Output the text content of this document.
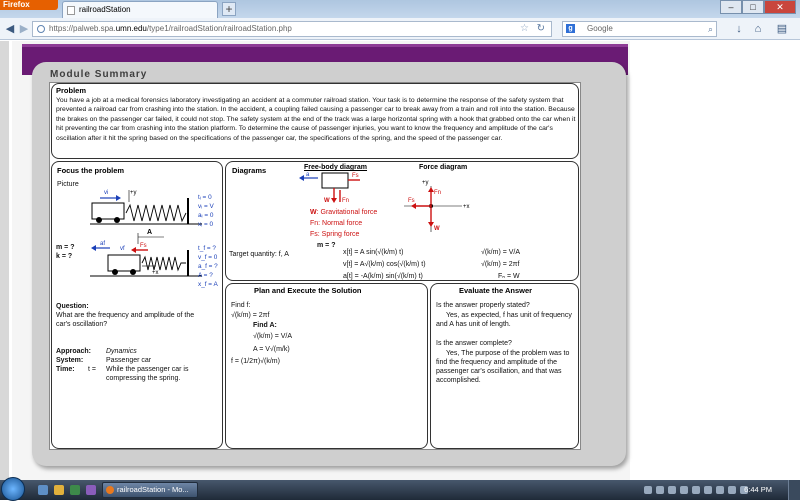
Firefox
railroadStation	+	–	□	✕
◀ ▶	https://palweb.spa.umn.edu/type1/railroadStation/railroadStation.php	☆ ↻	g Google	⌕ ↓ ⌂	▤
Module Summary
Problem
You have a job at a medical forensics laboratory investigating an accident at a commuter railroad station. Your task is to determine the response of the safety system that prevented a railroad car from crashing into the station. In the accident, a coupling failed causing a passenger car to break away from a train and roll into the station. Because the brakes on the passenger car failed, it could not stop. The safety system at the end of the track was a large horizontal spring with a hook that grabbed onto the car when it hit preventing the car from crashing into the station platform. To determine the cause of passenger injuries, you want to know the frequency and amplitude of the car's oscillation after it hit the spring based on the specifications of the passenger car, the specifications of the spring, and the speed of the passenger car.
Focus the problem
Picture
vi	+y
tᵢ = 0
vᵢ = V
aᵢ = 0
xᵢ = 0
A
af
vf	Fs
+x
t_f = ?
v_f = 0
a_f = ?
A = ?
x_f = A
m = ?
k = ?
Question:
What are the frequency and amplitude of the car's oscillation?
Approach: Dynamics
System:	Passenger car
Time: t = While the passenger car is compressing the spring.
Diagrams	Free-body diagram	Force diagram
a
W Fn
Fs
+y
+x
Fn
W
Fs
W: Gravitational force
Fn: Normal force
Fs: Spring force
m = ?
Target quantity: f, A	x[t] = A sin(√(k/m) t)
v[t] = A√(k/m) cos(√(k/m) t)
a[t] = -A(k/m) sin(√(k/m) t)
√(k/m) = V/A
√(k/m) = 2πf
Fₙ = W
Plan and Execute the Solution
Find f:
√(k/m) = 2πf
Find A:
√(k/m) = V/A
A = V√(m/k)
f = (1/2π)√(k/m)
Evaluate the Answer
Is the answer properly stated?
Yes, as expected, f has unit of frequency and A has unit of length.
Is the answer complete?
Yes, The purpose of the problem was to find the frequency and amplitude of the passenger car's oscillation, and that was accomplished.
railroadStation - Mo...	6:44 PM
